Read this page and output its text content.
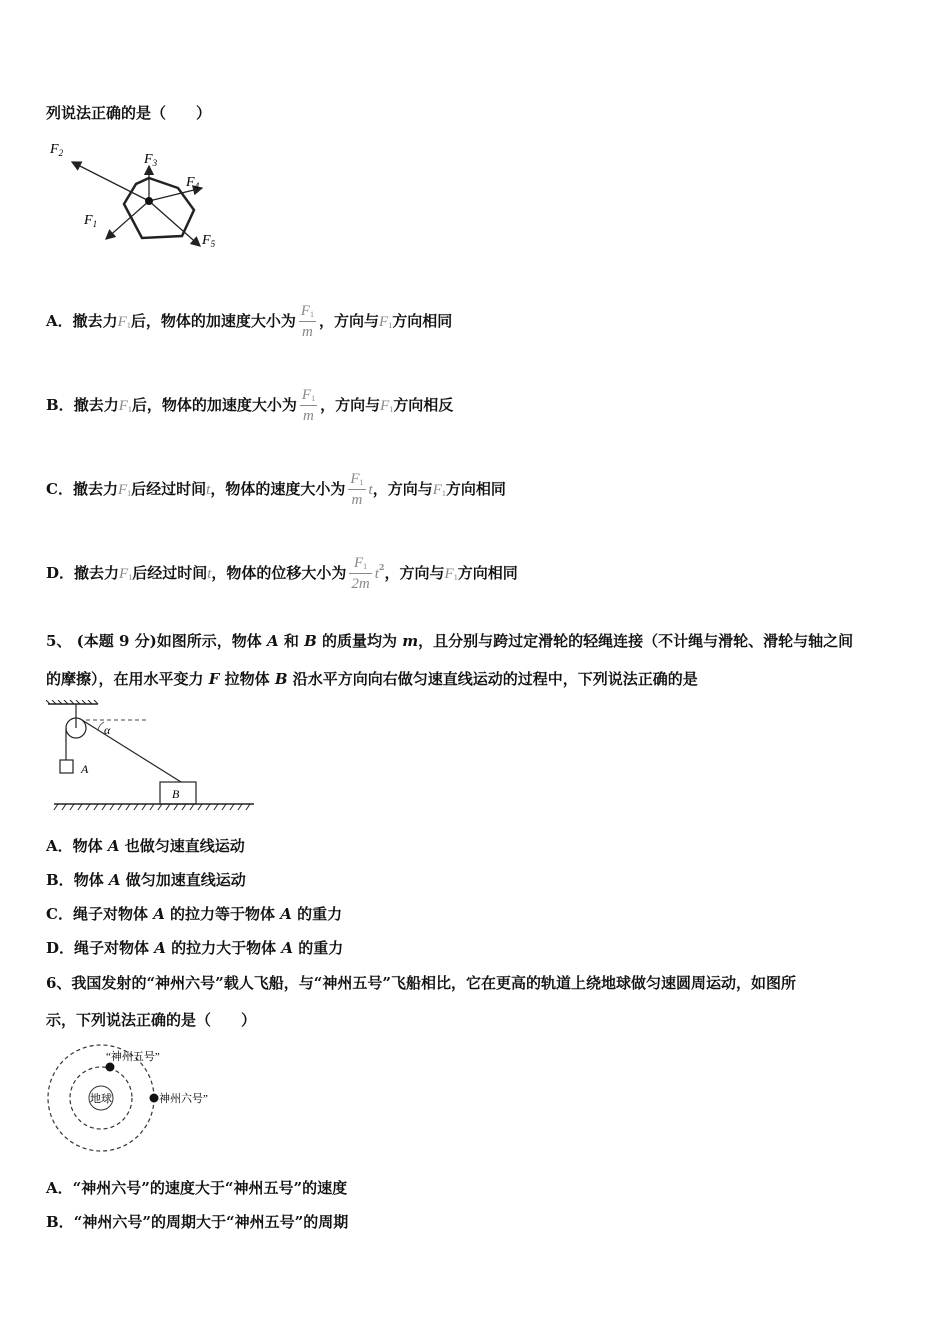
列说法正确的是（　　）
$F_2$	$F_3$
$F_4$
$F_1$
$F_5$
A．撤去力$F_1$后，物体的加速度大小为 $\frac{F_1}{m}$ ，方向与$F_1$方向相同
B．撤去力$F_1$后，物体的加速度大小为 $\frac{F_1}{m}$ ，方向与$F_1$方向相反
C．撤去力$F_1$后经过时间t，物体的速度大小为 $\frac{F_1}{m}$ t，方向与$F_1$方向相同
D．撤去力$F_1$后经过时间t，物体的位移大小为 $\frac{F_1}{2m} t^2$，方向与$F_1$方向相同
5、 (本题 9 分)如图所示，物体 A 和 B 的质量均为 m，且分别与跨过定滑轮的轻绳连接（不计绳与滑轮、滑轮与轴之间
的摩擦），在用水平变力 F 拉物体 B 沿水平方向向右做匀速直线运动的过程中，下列说法正确的是
α
A
B
A．物体 A 也做匀速直线运动
B．物体 A 做匀加速直线运动
C．绳子对物体 A 的拉力等于物体 A 的重力
D．绳子对物体 A 的拉力大于物体 A 的重力
6、我国发射的“神州六号”载人飞船，与“神州五号”飞船相比，它在更高的轨道上绕地球做匀速圆周运动，如图所
示，下列说法正确的是（　　）
地球
“神州五号”
神州六号”
A．“神州六号”的速度大于“神州五号”的速度
B．“神州六号”的周期大于“神州五号”的周期
